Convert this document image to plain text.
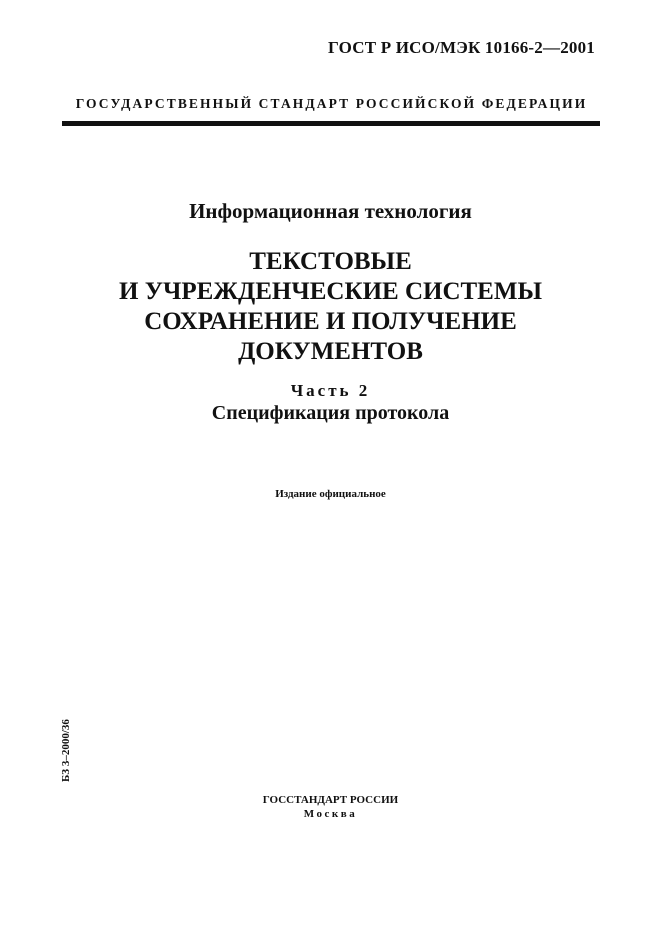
ГОСТ Р ИСО/МЭК 10166-2—2001
ГОСУДАРСТВЕННЫЙ СТАНДАРТ РОССИЙСКОЙ ФЕДЕРАЦИИ
Информационная технология
ТЕКСТОВЫЕ
И УЧРЕЖДЕНЧЕСКИЕ СИСТЕМЫ
СОХРАНЕНИЕ И ПОЛУЧЕНИЕ
ДОКУМЕНТОВ
Часть 2
Спецификация протокола
Издание официальное
БЗ 3–2000/36
ГОССТАНДАРТ РОССИИ
Москва
